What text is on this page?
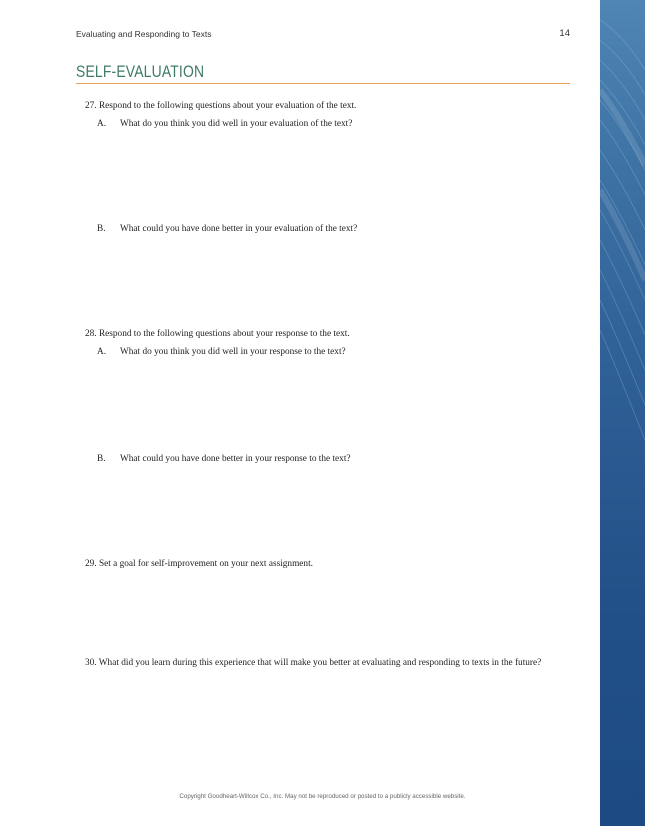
Evaluating and Responding to Texts	14
SELF-EVALUATION
27. Respond to the following questions about your evaluation of the text.
A. What do you think you did well in your evaluation of the text?
B. What could you have done better in your evaluation of the text?
28. Respond to the following questions about your response to the text.
A. What do you think you did well in your response to the text?
B. What could you have done better in your response to the text?
29. Set a goal for self-improvement on your next assignment.
30. What did you learn during this experience that will make you better at evaluating and responding to texts in the future?
Copyright Goodheart-Willcox Co., Inc. May not be reproduced or posted to a publicly accessible website.
